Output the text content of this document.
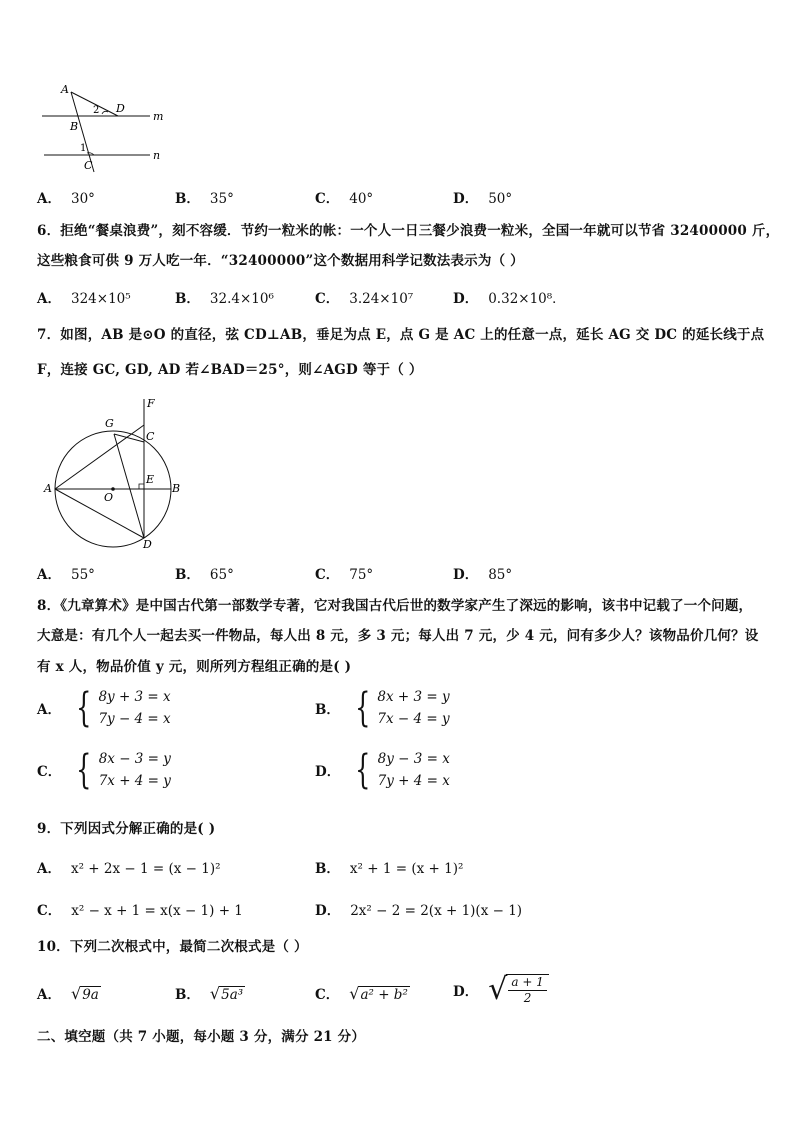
A
B
C
D
m
n
1
2
A． 30°	B． 35°	C． 40°	D． 50°
6．拒绝“餐桌浪费”，刻不容缓．节约一粒米的帐：一个人一日三餐少浪费一粒米，全国一年就可以节省 32400000 斤，
这些粮食可供 9 万人吃一年．“32400000”这个数据用科学记数法表示为（ ）
A． 324×10⁵	B． 32.4×10⁶	C． 3.24×10⁷	D． 0.32×10⁸．
7．如图，AB 是⊙O 的直径，弦 CD⊥AB，垂足为点 E，点 G 是 AC 上的任意一点，延长 AG 交 DC 的延长线于点
F，连接 GC, GD, AD 若∠BAD＝25°，则∠AGD 等于（ ）
A	B
C
D
E
F
G
O
A． 55°	B． 65°	C． 75°	D． 85°
8．《九章算术》是中国古代第一部数学专著，它对我国古代后世的数学家产生了深远的影响，该书中记载了一个问题，
大意是：有几个人一起去买一件物品，每人出 8 元，多 3 元；每人出 7 元，少 4 元，问有多少人？该物品价几何？设
有 x 人，物品价值 y 元，则所列方程组正确的是( )
A． { 8y + 3 = x
7y − 4 = x
B． { 8x + 3 = y
7x − 4 = y
C． { 8x − 3 = y
7x + 4 = y
D． { 8y − 3 = x
7y + 4 = x
9．下列因式分解正确的是( )
A． x² + 2x − 1 = (x − 1)²	B． x² + 1 = (x + 1)²
C． x² − x + 1 = x(x − 1) + 1	D． 2x² − 2 = 2(x + 1)(x − 1)
10．下列二次根式中，最简二次根式是（ ）
A． √9a	B． √5a³	C． √a² + b²	D． √ $\frac{a + 1}{2}$
二、填空题（共 7 小题，每小题 3 分，满分 21 分）
